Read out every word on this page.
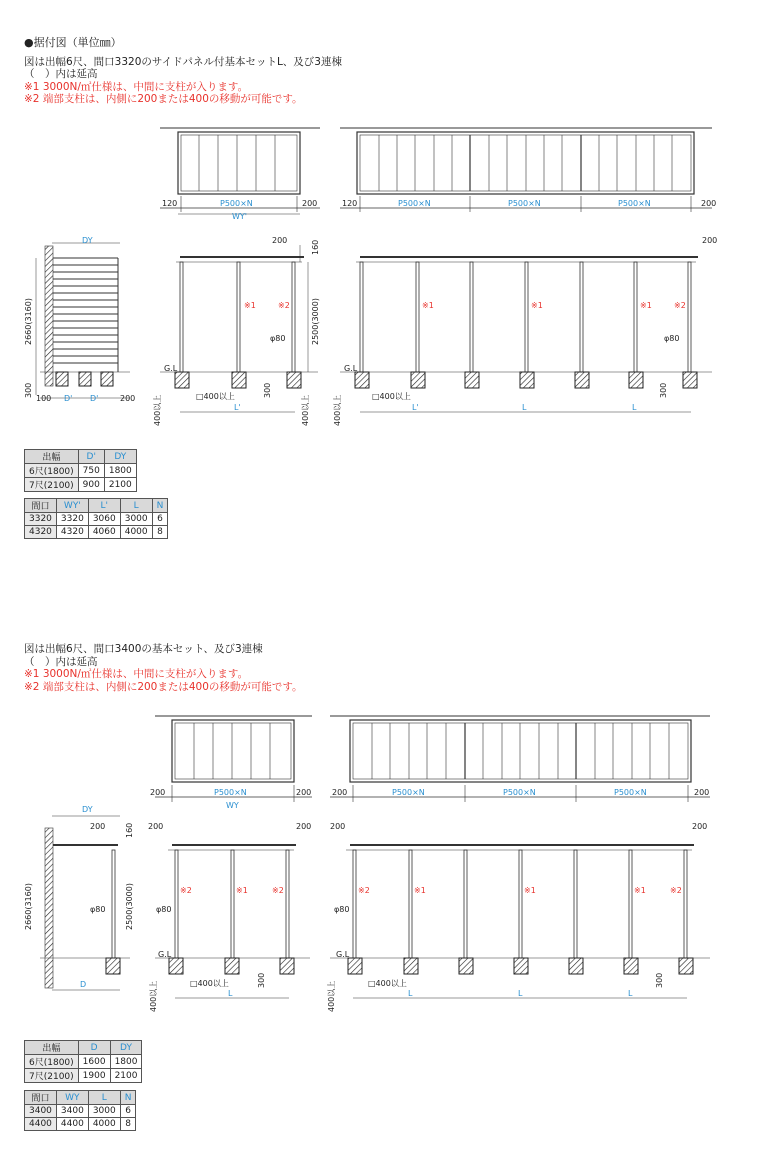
●据付図（単位㎜）
図は出幅6尺、間口3320のサイドパネル付基本セットL、及び3連棟
（　）内は延高
※1 3000N/㎡仕様は、中間に支柱が入ります。
※2 端部支柱は、内側に200または400の移動が可能です。
図は出幅6尺、間口3400の基本セット、及び3連棟
（　）内は延高
※1 3000N/㎡仕様は、中間に支柱が入ります。
※2 端部支柱は、内側に200または400の移動が可能です。
120	200
P500×N
WY'
120	200
P500×N	P500×N	P500×N
DY
2660(3160)
300
100 D' D'	200
200	160
2500(3000)
※1	※2
φ80
G.L
□400以上
L'
400以上
300
400以上
200
※1	※1	※1	※2
φ80
G.L
□400以上
L'	L	L
400以上
300
200	200
P500×N
WY
200	200
P500×N	P500×N	P500×N
DY
200 160
2660(3160)	2500(3000)
φ80
D
200	200
※2	※1	※2
φ80
G.L
□400以上
L
400以上
300
200	200
※2	※1	※1	※1	※2
φ80
G.L
□400以上
L	L	L
400以上
300
出幅	D'	DY
6尺(1800)	750	1800
7尺(2100)	900	2100
間口	WY'	L'	L	N
3320	3320	3060	3000	6
4320	4320	4060	4000	8
出幅	D	DY
6尺(1800)	1600	1800
7尺(2100)	1900	2100
間口	WY	L	N
3400	3400	3000	6
4400	4400	4000	8
